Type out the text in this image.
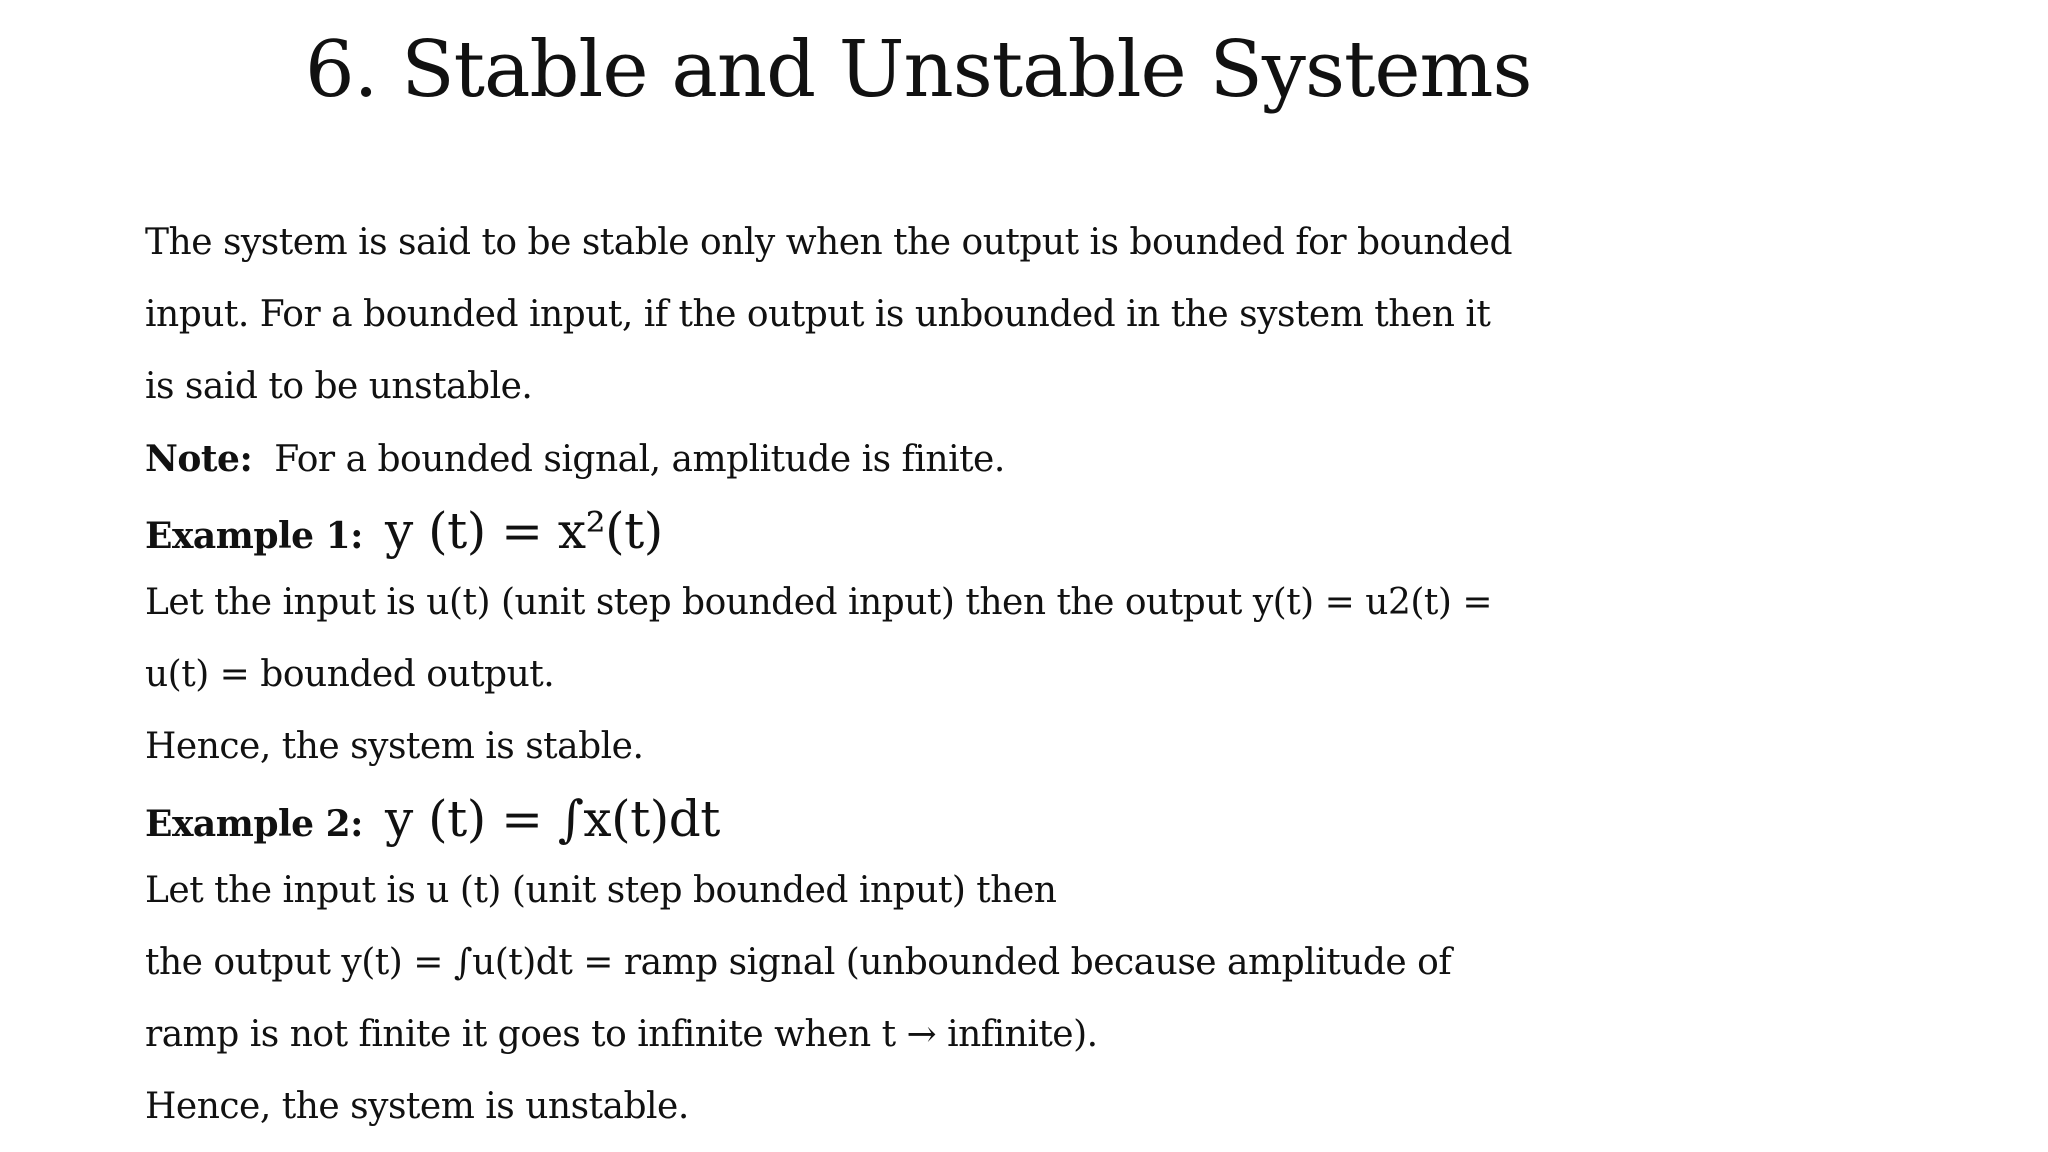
6. Stable and Unstable Systems
The system is said to be stable only when the output is bounded for bounded
input. For a bounded input, if the output is unbounded in the system then it
is said to be unstable.
Note: For a bounded signal, amplitude is finite.
Example 1: y (t) = x²(t)
Let the input is u(t) (unit step bounded input) then the output y(t) = u2(t) =
u(t) = bounded output.
Hence, the system is stable.
Example 2: y (t) = ∫x(t)dt
Let the input is u (t) (unit step bounded input) then
the output y(t) = ∫u(t)dt = ramp signal (unbounded because amplitude of
ramp is not finite it goes to infinite when t → infinite).
Hence, the system is unstable.
